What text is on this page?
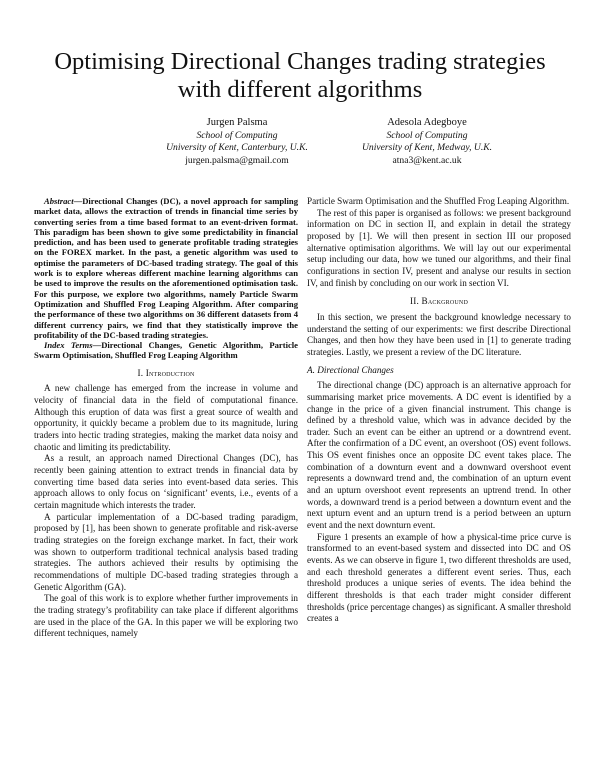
Optimising Directional Changes trading strategies
with different algorithms
Jurgen Palsma
School of Computing
University of Kent, Canterbury, U.K.
jurgen.palsma@gmail.com
Adesola Adegboye
School of Computing
University of Kent, Medway, U.K.
atna3@kent.ac.uk
Abstract—Directional Changes (DC), a novel approach for sampling market data, allows the extraction of trends in financial time series by converting series from a time based format to an event-driven format. This paradigm has been shown to give some predictability in financial prediction, and has been used to generate profitable trading strategies on the FOREX market. In the past, a genetic algorithm was used to optimise the parameters of DC-based trading strategy. The goal of this work is to explore whereas different machine learning algorithms can be used to improve the results on the aforementioned optimisation task. For this purpose, we explore two algorithms, namely Particle Swarm Optimization and Shuffled Frog Leaping Algorithm. After comparing the performance of these two algorithms on 36 different datasets from 4 different currency pairs, we find that they statistically improve the profitability of the DC-based trading strategies.
Index Terms—Directional Changes, Genetic Algorithm, Particle Swarm Optimisation, Shuffled Frog Leaping Algorithm
I. Introduction

A new challenge has emerged from the increase in volume and velocity of financial data in the field of computational finance. Although this eruption of data was first a great source of wealth and opportunity, it quickly became a problem due to its magnitude, luring traders into hectic trading strategies, making the market data noisy and chaotic and limiting its predictability.

As a result, an approach named Directional Changes (DC), has recently been gaining attention to extract trends in financial data by converting time based data series into event-based data series. This approach allows to only focus on ‘significant’ events, i.e., events of a certain magnitude which interests the trader.

A particular implementation of a DC-based trading paradigm, proposed by [1], has been shown to generate profitable and risk-averse trading strategies on the foreign exchange market. In fact, their work was shown to outperform traditional technical analysis based trading strategies. The authors achieved their results by optimising the recommendations of multiple DC-based trading strategies through a Genetic Algorithm (GA).

The goal of this work is to explore whether further improvements in the trading strategy’s profitability can take place if different algorithms are used in the place of the GA. In this paper we will be exploring two different techniques, namely

Particle Swarm Optimisation and the Shuffled Frog Leaping Algorithm.

The rest of this paper is organised as follows: we present background information on DC in section II, and explain in detail the strategy proposed by [1]. We will then present in section III our proposed alternative optimisation algorithms. We will lay out our experimental setup including our data, how we tuned our algorithms, and their final configurations in section IV, present and analyse our results in section IV, and finish by concluding on our work in section VI.

II. Background

In this section, we present the background knowledge necessary to understand the setting of our experiments: we first describe Directional Changes, and then how they have been used in [1] to generate trading strategies. Lastly, we present a review of the DC literature.

A. Directional Changes

The directional change (DC) approach is an alternative approach for summarising market price movements. A DC event is identified by a change in the price of a given financial instrument. This change is defined by a threshold value, which was in advance decided by the trader. Such an event can be either an uptrend or a downtrend event. After the confirmation of a DC event, an overshoot (OS) event follows. This OS event finishes once an opposite DC event takes place. The combination of a downturn event and a downward overshoot event represents a downward trend and, the combination of an upturn event and an upturn overshoot event represents an uptrend trend. In other words, a downward trend is a period between a downturn event and the next upturn event and an upturn trend is a period between an upturn event and the next downturn event.

Figure 1 presents an example of how a physical-time price curve is transformed to an event-based system and dissected into DC and OS events. As we can observe in figure 1, two different thresholds are used, and each threshold generates a different event series. Thus, each threshold produces a unique series of events. The idea behind the different thresholds is that each trader might consider different thresholds (price percentage changes) as significant. A smaller threshold creates a
